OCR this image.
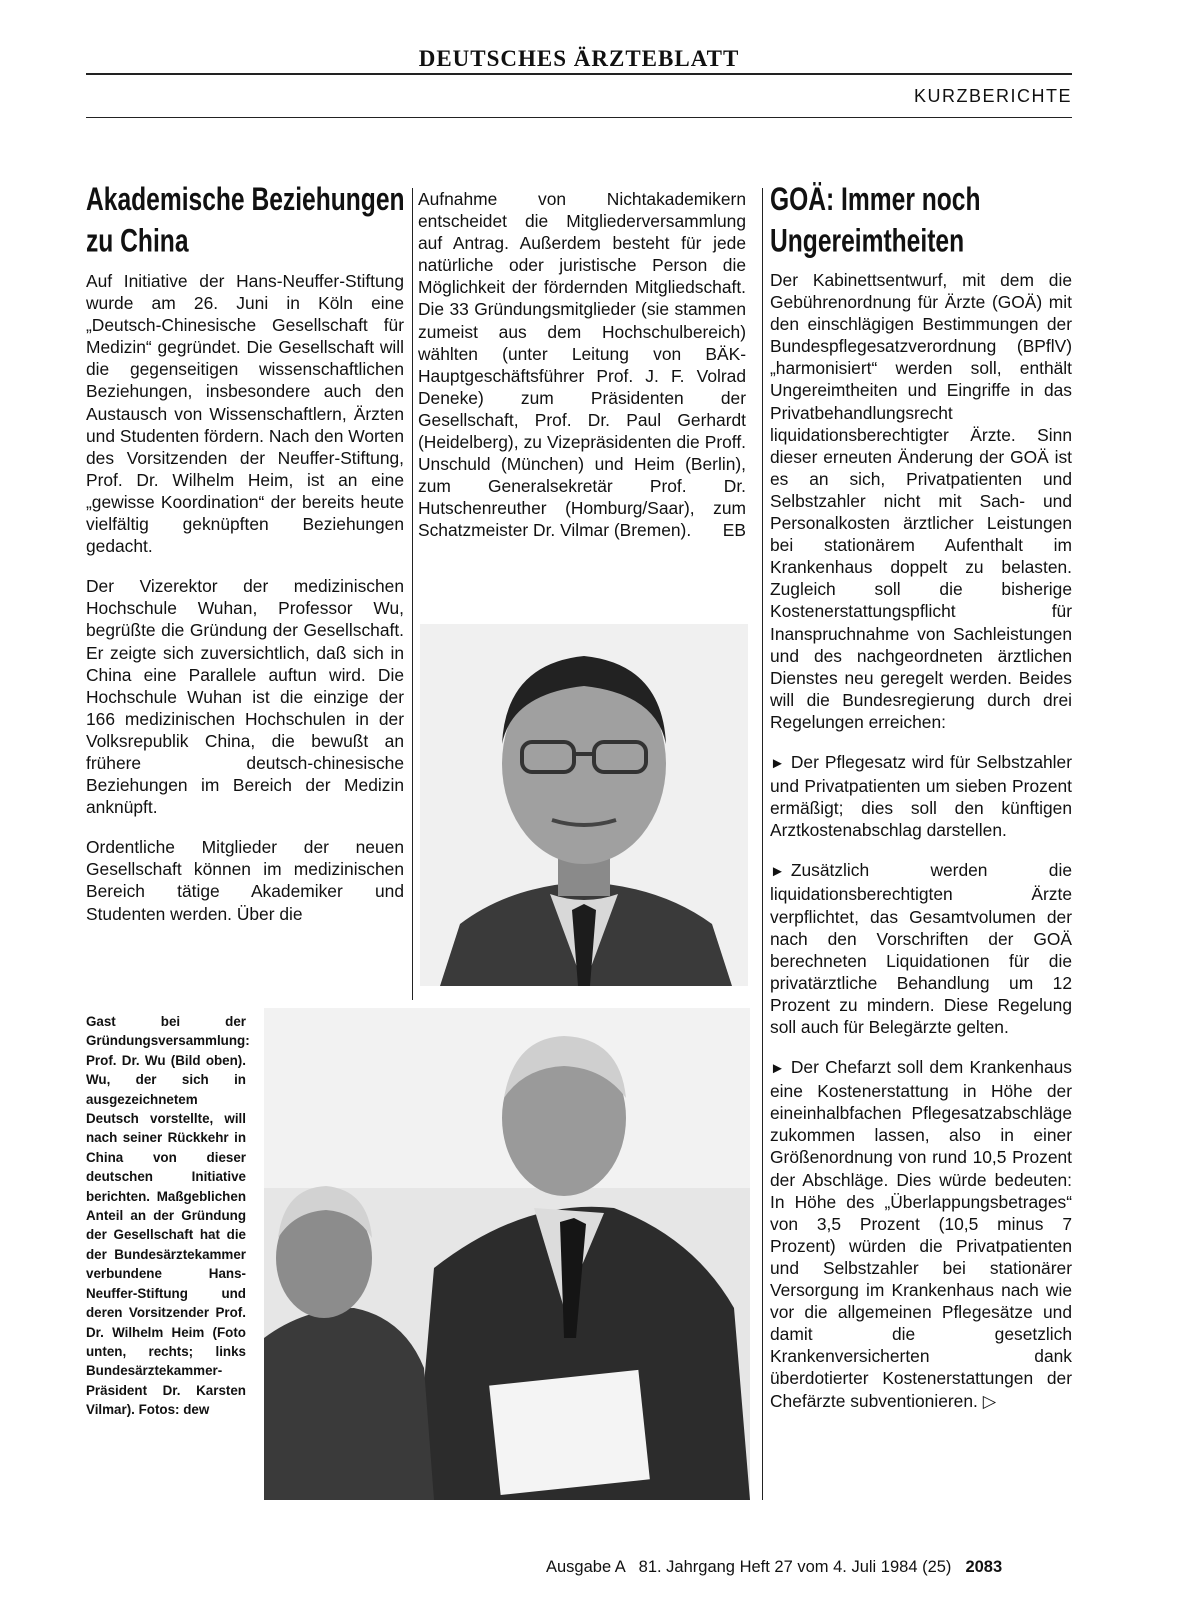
DEUTSCHES ÄRZTEBLATT
KURZBERICHTE
Akademische Beziehungen zu China

Auf Initiative der Hans-Neuffer-Stiftung wurde am 26. Juni in Köln eine „Deutsch-Chinesische Gesellschaft für Medizin“ gegründet. Die Gesellschaft will die gegenseitigen wissenschaftlichen Beziehungen, insbesondere auch den Austausch von Wissenschaftlern, Ärzten und Studenten fördern. Nach den Worten des Vorsitzenden der Neuffer-Stiftung, Prof. Dr. Wilhelm Heim, ist an eine „gewisse Koordination“ der bereits heute vielfältig geknüpften Beziehungen gedacht.

Der Vizerektor der medizinischen Hochschule Wuhan, Professor Wu, begrüßte die Gründung der Gesellschaft. Er zeigte sich zuversichtlich, daß sich in China eine Parallele auftun wird. Die Hochschule Wuhan ist die einzige der 166 medizinischen Hochschulen in der Volksrepublik China, die bewußt an frühere deutsch-chinesische Beziehungen im Bereich der Medizin anknüpft.

Ordentliche Mitglieder der neuen Gesellschaft können im medizinischen Bereich tätige Akademiker und Studenten werden. Über die

Aufnahme von Nichtakademikern entscheidet die Mitgliederversammlung auf Antrag. Außerdem besteht für jede natürliche oder juristische Person die Möglichkeit der fördernden Mitgliedschaft. Die 33 Gründungsmitglieder (sie stammen zumeist aus dem Hochschulbereich) wählten (unter Leitung von BÄK-Hauptgeschäftsführer Prof. J. F. Volrad Deneke) zum Präsidenten der Gesellschaft, Prof. Dr. Paul Gerhardt (Heidelberg), zu Vizepräsidenten die Proff. Unschuld (München) und Heim (Berlin), zum Generalsekretär Prof. Dr. Hutschenreuther (Homburg/Saar), zum Schatzmeister Dr. Vilmar (Bremen). EB

Gast bei der Gründungsversammlung: Prof. Dr. Wu (Bild oben). Wu, der sich in ausgezeichnetem Deutsch vorstellte, will nach seiner Rückkehr in China von dieser deutschen Initiative berichten. Maßgeblichen Anteil an der Gründung der Gesellschaft hat die der Bundesärztekammer verbundene Hans-Neuffer-Stiftung und deren Vorsitzender Prof. Dr. Wilhelm Heim (Foto unten, rechts; links Bundesärztekammer-Präsident Dr. Karsten Vilmar). Fotos: dew
GOÄ: Immer noch Ungereimtheiten

Der Kabinettsentwurf, mit dem die Gebührenordnung für Ärzte (GOÄ) mit den einschlägigen Bestimmungen der Bundespflegesatzverordnung (BPflV) „harmonisiert“ werden soll, enthält Ungereimtheiten und Eingriffe in das Privatbehandlungsrecht liquidationsberechtigter Ärzte. Sinn dieser erneuten Änderung der GOÄ ist es an sich, Privatpatienten und Selbstzahler nicht mit Sach- und Personalkosten ärztlicher Leistungen bei stationärem Aufenthalt im Krankenhaus doppelt zu belasten. Zugleich soll die bisherige Kostenerstattungspflicht für Inanspruchnahme von Sachleistungen und des nachgeordneten ärztlichen Dienstes neu geregelt werden. Beides will die Bundesregierung durch drei Regelungen erreichen:

► Der Pflegesatz wird für Selbstzahler und Privatpatienten um sieben Prozent ermäßigt; dies soll den künftigen Arztkostenabschlag darstellen.

► Zusätzlich werden die liquidationsberechtigten Ärzte verpflichtet, das Gesamtvolumen der nach den Vorschriften der GOÄ berechneten Liquidationen für die privatärztliche Behandlung um 12 Prozent zu mindern. Diese Regelung soll auch für Belegärzte gelten.

► Der Chefarzt soll dem Krankenhaus eine Kostenerstattung in Höhe der eineinhalbfachen Pflegesatzabschläge zukommen lassen, also in einer Größenordnung von rund 10,5 Prozent der Abschläge. Dies würde bedeuten: In Höhe des „Überlappungsbetrages“ von 3,5 Prozent (10,5 minus 7 Prozent) würden die Privatpatienten und Selbstzahler bei stationärer Versorgung im Krankenhaus nach wie vor die allgemeinen Pflegesätze und damit die gesetzlich Krankenversicherten dank überdotierter Kostenerstattungen der Chefärzte subventionieren. ▷

Ausgabe A   81. Jahrgang Heft 27 vom 4. Juli 1984 (25) 2083
